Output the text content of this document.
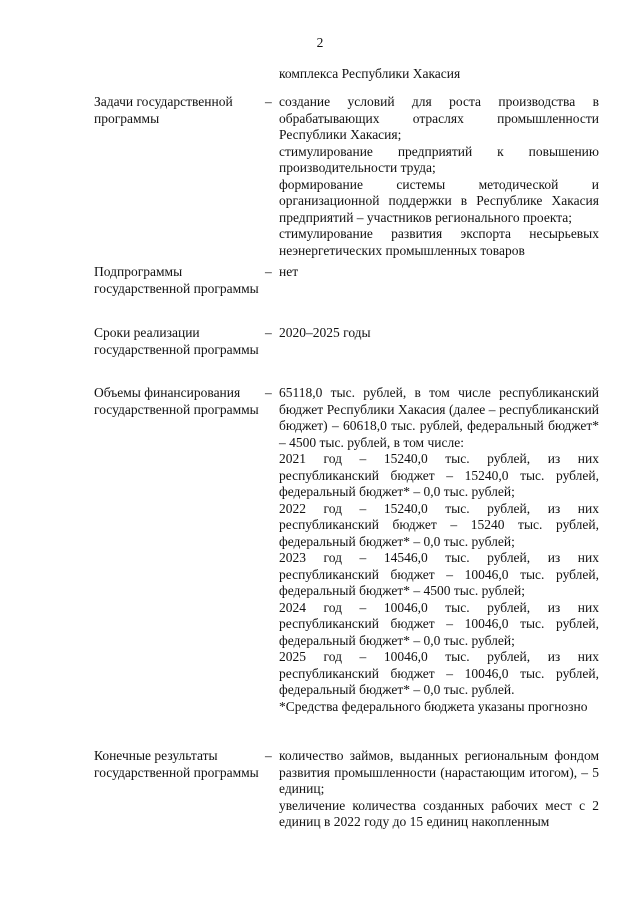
2
комплекса Республики Хакасия
Задачи государственной программы
– создание условий для роста производства в обрабатывающих отраслях промышленности Республики Хакасия;

стимулирование предприятий к повышению производительности труда;

формирование системы методической и организационной поддержки в Республике Хакасия предприятий – участников регионального проекта;

стимулирование развития экспорта несырьевых неэнергетических промышленных товаров

Подпрограммы государственной программы
– нет

Сроки реализации государственной программы
– 2020–2025 годы

Объемы финансирования государственной программы
– 65118,0 тыс. рублей, в том числе республиканский бюджет Республики Хакасия (далее – республиканский бюджет) – 60618,0 тыс. рублей, федеральный бюджет* – 4500 тыс. рублей, в том числе:

2021 год – 15240,0 тыс. рублей, из них республиканский бюджет – 15240,0 тыс. рублей, федеральный бюджет* – 0,0 тыс. рублей;

2022 год – 15240,0 тыс. рублей, из них республиканский бюджет – 15240 тыс. рублей, федеральный бюджет* – 0,0 тыс. рублей;

2023 год – 14546,0 тыс. рублей, из них республиканский бюджет – 10046,0 тыс. рублей, федеральный бюджет* – 4500 тыс. рублей;

2024 год – 10046,0 тыс. рублей, из них республиканский бюджет – 10046,0 тыс. рублей, федеральный бюджет* – 0,0 тыс. рублей;

2025 год – 10046,0 тыс. рублей, из них республиканский бюджет – 10046,0 тыс. рублей, федеральный бюджет* – 0,0 тыс. рублей.

*Средства федерального бюджета указаны прогнозно

Конечные результаты государственной программы
– количество займов, выданных региональным фондом развития промышленности (нарастающим итогом), – 5 единиц;

увеличение количества созданных рабочих мест с 2 единиц в 2022 году до 15 единиц накопленным
